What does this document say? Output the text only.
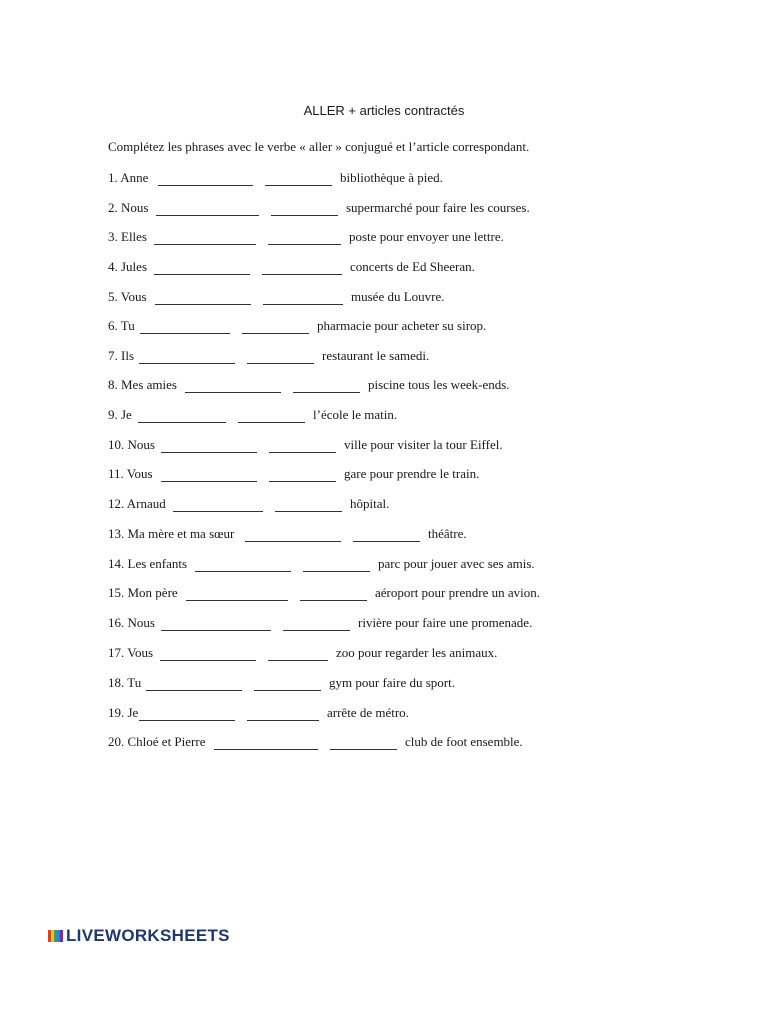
ALLER + articles contractés
Complétez les phrases avec le verbe « aller » conjugué et l’article correspondant.
1. Anne	bibliothèque à pied.
2. Nous	supermarché pour faire les courses.
3. Elles	poste pour envoyer une lettre.
4. Jules	concerts de Ed Sheeran.
5. Vous	musée du Louvre.
6. Tu	pharmacie pour acheter su sirop.
7. Ils	restaurant le samedi.
8. Mes amies	piscine tous les week-ends.
9. Je	l’école le matin.
10. Nous	ville pour visiter la tour Eiffel.
11. Vous	gare pour prendre le train.
12. Arnaud	hôpital.
13. Ma mère et ma sœur	théâtre.
14. Les enfants	parc pour jouer avec ses amis.
15. Mon père	aéroport pour prendre un avion.
16. Nous	rivière pour faire une promenade.
17. Vous	zoo pour regarder les animaux.
18. Tu	gym pour faire du sport.
19. Je	arrête de métro.
20. Chloé et Pierre	club de foot ensemble.
LIVEWORKSHEETS
